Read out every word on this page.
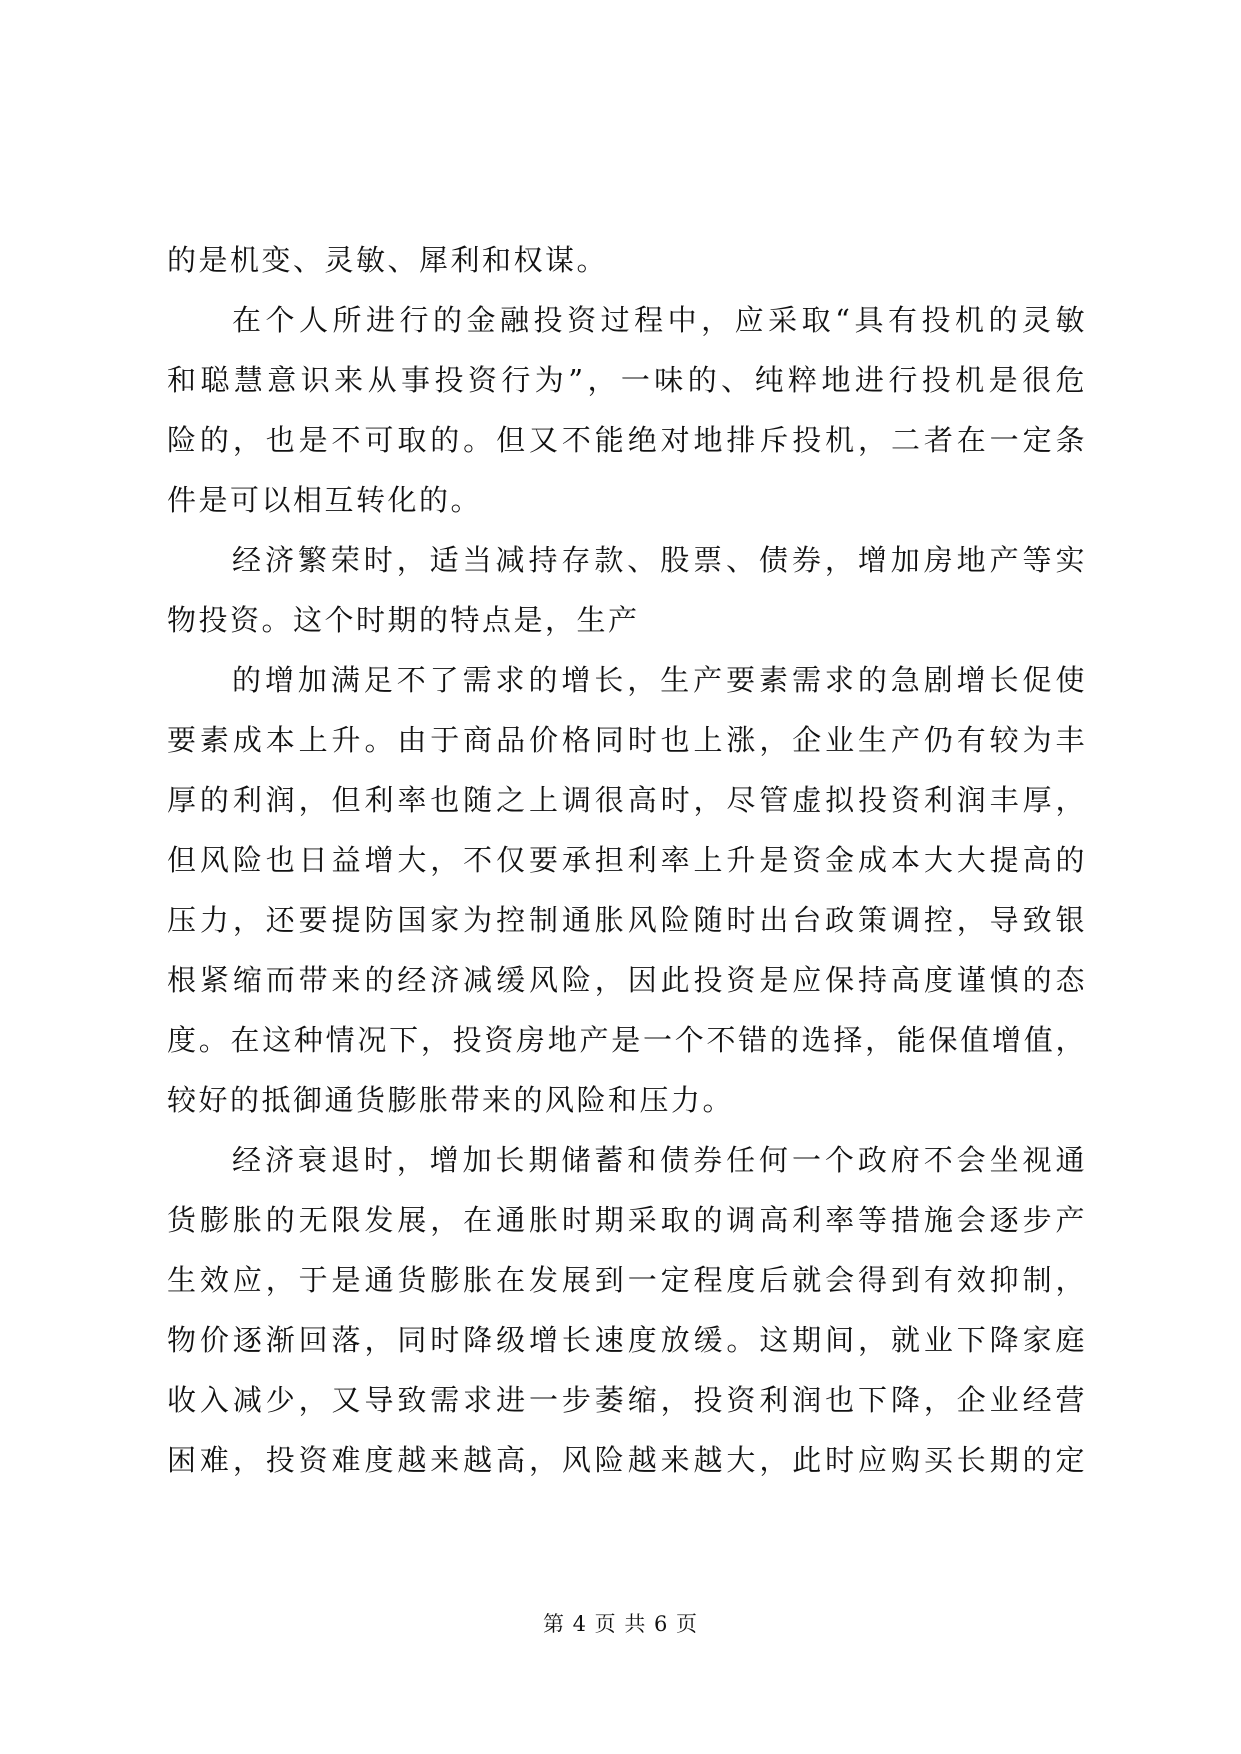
的是机变、灵敏、犀利和权谋。
在个人所进行的金融投资过程中，应采取“具有投机的灵敏
和聪慧意识来从事投资行为”，一味的、纯粹地进行投机是很危
险的，也是不可取的。但又不能绝对地排斥投机，二者在一定条
件是可以相互转化的。
经济繁荣时，适当减持存款、股票、债券，增加房地产等实
物投资。这个时期的特点是，生产
的增加满足不了需求的增长，生产要素需求的急剧增长促使
要素成本上升。由于商品价格同时也上涨，企业生产仍有较为丰
厚的利润，但利率也随之上调很高时，尽管虚拟投资利润丰厚，
但风险也日益增大，不仅要承担利率上升是资金成本大大提高的
压力，还要提防国家为控制通胀风险随时出台政策调控，导致银
根紧缩而带来的经济减缓风险，因此投资是应保持高度谨慎的态
度。在这种情况下，投资房地产是一个不错的选择，能保值增值，
较好的抵御通货膨胀带来的风险和压力。
经济衰退时，增加长期储蓄和债券任何一个政府不会坐视通
货膨胀的无限发展，在通胀时期采取的调高利率等措施会逐步产
生效应，于是通货膨胀在发展到一定程度后就会得到有效抑制，
物价逐渐回落，同时降级增长速度放缓。这期间，就业下降家庭
收入减少，又导致需求进一步萎缩，投资利润也下降，企业经营
困难，投资难度越来越高，风险越来越大，此时应购买长期的定
第 4 页 共 6 页
